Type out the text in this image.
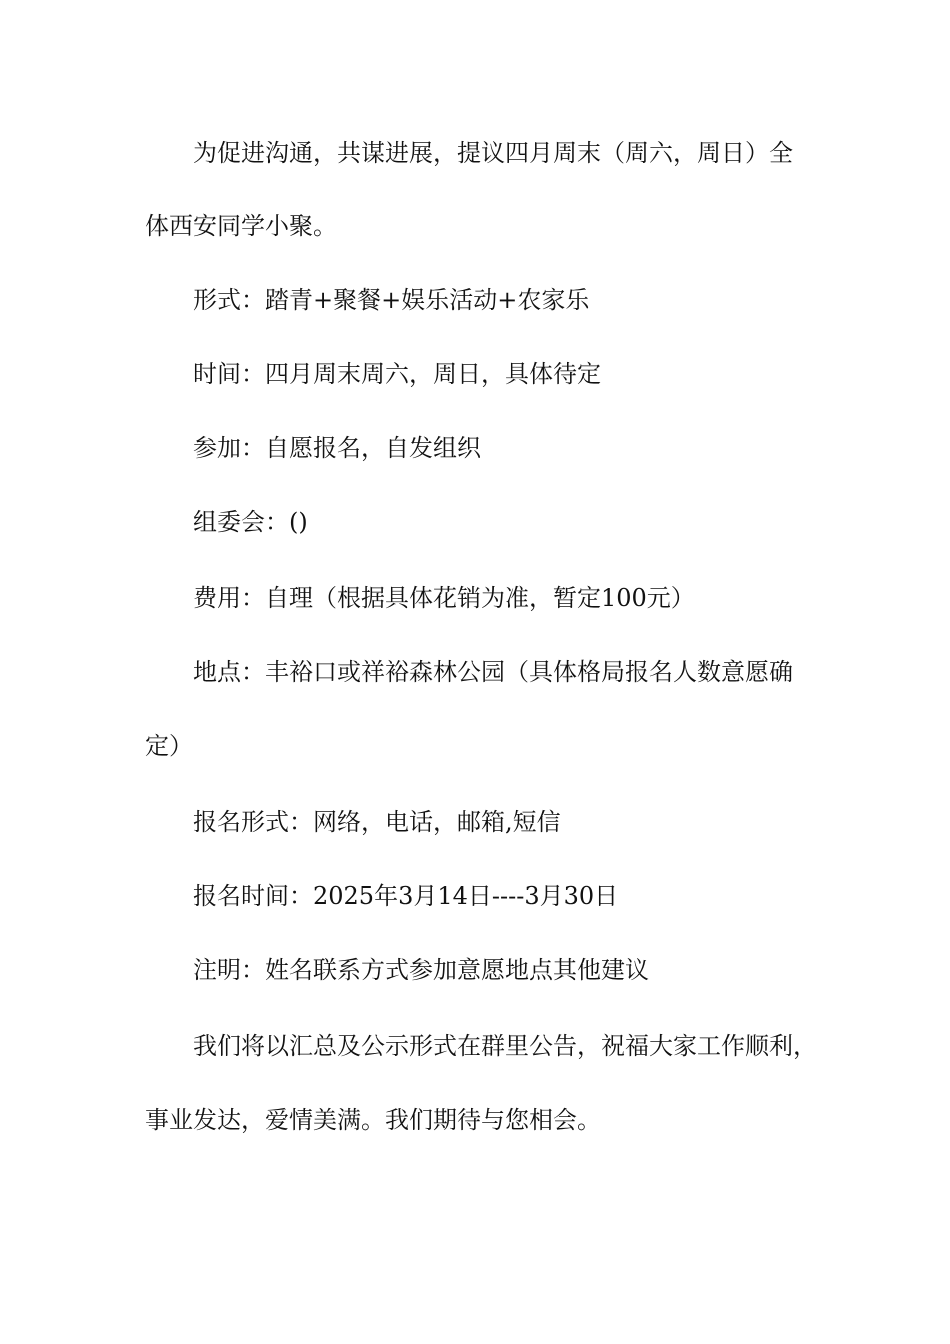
为促进沟通，共谋进展，提议四月周末（周六，周日）全
体西安同学小聚。
形式：踏青+聚餐+娱乐活动+农家乐
时间：四月周末周六，周日，具体待定
参加：自愿报名，自发组织
组委会：()
费用：自理（根据具体花销为准，暂定100元）
地点：丰裕口或祥裕森林公园（具体格局报名人数意愿确
定）
报名形式：网络，电话，邮箱,短信
报名时间：2025年3月14日----3月30日
注明：姓名联系方式参加意愿地点其他建议
我们将以汇总及公示形式在群里公告，祝福大家工作顺利，
事业发达，爱情美满。我们期待与您相会。
